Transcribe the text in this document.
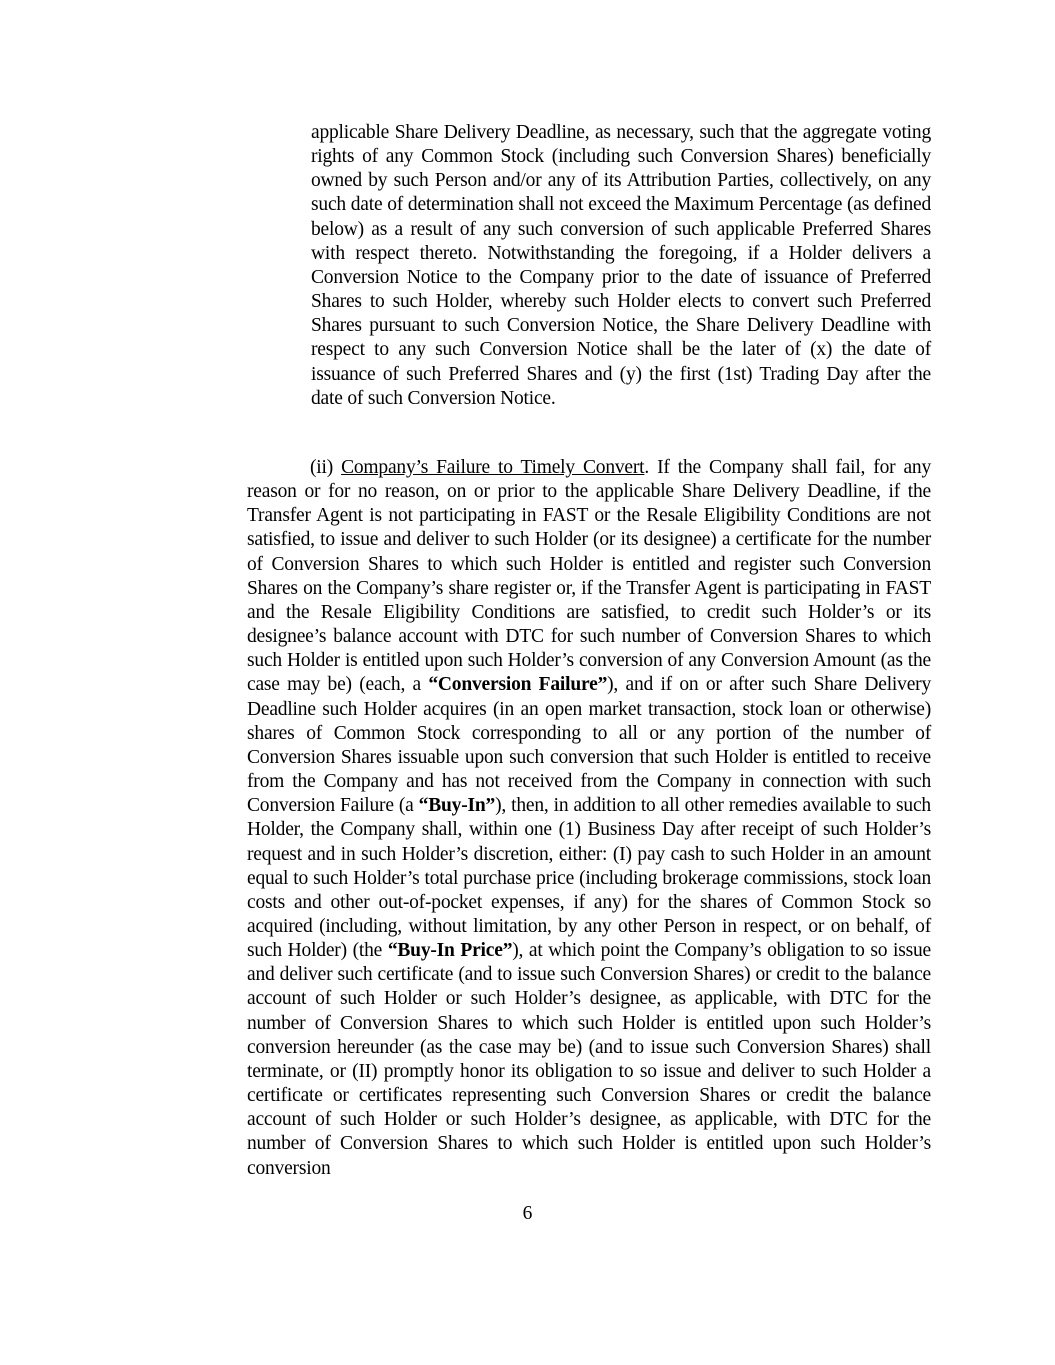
applicable Share Delivery Deadline, as necessary, such that the aggregate voting rights of any Common Stock (including such Conversion Shares) beneficially owned by such Person and/or any of its Attribution Parties, collectively, on any such date of determination shall not exceed the Maximum Percentage (as defined below) as a result of any such conversion of such applicable Preferred Shares with respect thereto. Notwithstanding the foregoing, if a Holder delivers a Conversion Notice to the Company prior to the date of issuance of Preferred Shares to such Holder, whereby such Holder elects to convert such Preferred Shares pursuant to such Conversion Notice, the Share Delivery Deadline with respect to any such Conversion Notice shall be the later of (x) the date of issuance of such Preferred Shares and (y) the first (1st) Trading Day after the date of such Conversion Notice.

(ii) Company’s Failure to Timely Convert. If the Company shall fail, for any reason or for no reason, on or prior to the applicable Share Delivery Deadline, if the Transfer Agent is not participating in FAST or the Resale Eligibility Conditions are not satisfied, to issue and deliver to such Holder (or its designee) a certificate for the number of Conversion Shares to which such Holder is entitled and register such Conversion Shares on the Company’s share register or, if the Transfer Agent is participating in FAST and the Resale Eligibility Conditions are satisfied, to credit such Holder’s or its designee’s balance account with DTC for such number of Conversion Shares to which such Holder is entitled upon such Holder’s conversion of any Conversion Amount (as the case may be) (each, a “Conversion Failure”), and if on or after such Share Delivery Deadline such Holder acquires (in an open market transaction, stock loan or otherwise) shares of Common Stock corresponding to all or any portion of the number of Conversion Shares issuable upon such conversion that such Holder is entitled to receive from the Company and has not received from the Company in connection with such Conversion Failure (a “Buy-In”), then, in addition to all other remedies available to such Holder, the Company shall, within one (1) Business Day after receipt of such Holder’s request and in such Holder’s discretion, either: (I) pay cash to such Holder in an amount equal to such Holder’s total purchase price (including brokerage commissions, stock loan costs and other out-of-pocket expenses, if any) for the shares of Common Stock so acquired (including, without limitation, by any other Person in respect, or on behalf, of such Holder) (the “Buy-In Price”), at which point the Company’s obligation to so issue and deliver such certificate (and to issue such Conversion Shares) or credit to the balance account of such Holder or such Holder’s designee, as applicable, with DTC for the number of Conversion Shares to which such Holder is entitled upon such Holder’s conversion hereunder (as the case may be) (and to issue such Conversion Shares) shall terminate, or (II) promptly honor its obligation to so issue and deliver to such Holder a certificate or certificates representing such Conversion Shares or credit the balance account of such Holder or such Holder’s designee, as applicable, with DTC for the number of Conversion Shares to which such Holder is entitled upon such Holder’s conversion

6
